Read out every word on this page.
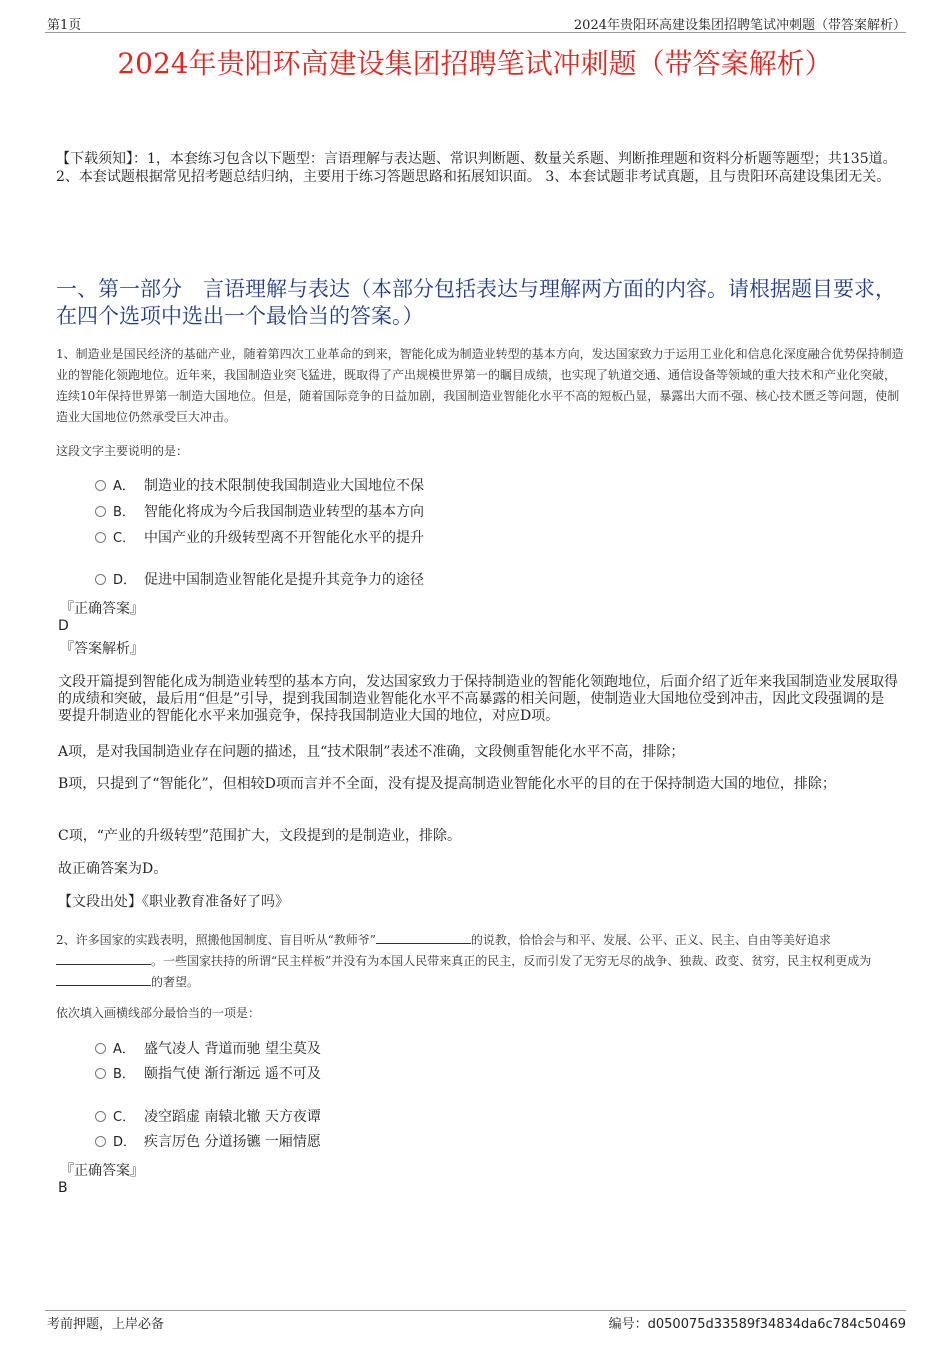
第1页	2024年贵阳环高建设集团招聘笔试冲刺题（带答案解析）
2024年贵阳环高建设集团招聘笔试冲刺题（带答案解析）
【下载须知】：1，本套练习包含以下题型：言语理解与表达题、常识判断题、数量关系题、判断推理题和资料分析题等题型；共135道。 2、本套试题根据常见招考题总结归纳，主要用于练习答题思路和拓展知识面。 3、本套试题非考试真题，且与贵阳环高建设集团无关。
一、第一部分　言语理解与表达（本部分包括表达与理解两方面的内容。请根据题目要求，在四个选项中选出一个最恰当的答案。）
1、制造业是国民经济的基础产业，随着第四次工业革命的到来，智能化成为制造业转型的基本方向，发达国家致力于运用工业化和信息化深度融合优势保持制造业的智能化领跑地位。近年来，我国制造业突飞猛进，既取得了产出规模世界第一的瞩目成绩，也实现了轨道交通、通信设备等领域的重大技术和产业化突破，连续10年保持世界第一制造大国地位。但是，随着国际竞争的日益加剧，我国制造业智能化水平不高的短板凸显，暴露出大而不强、核心技术匮乏等问题，使制造业大国地位仍然承受巨大冲击。
这段文字主要说明的是：
A． 制造业的技术限制使我国制造业大国地位不保
B． 智能化将成为今后我国制造业转型的基本方向
C． 中国产业的升级转型离不开智能化水平的提升
D． 促进中国制造业智能化是提升其竞争力的途径
『正确答案』
D
『答案解析』
文段开篇提到智能化成为制造业转型的基本方向，发达国家致力于保持制造业的智能化领跑地位，后面介绍了近年来我国制造业发展取得的成绩和突破，最后用“但是”引导，提到我国制造业智能化水平不高暴露的相关问题，使制造业大国地位受到冲击，因此文段强调的是要提升制造业的智能化水平来加强竞争，保持我国制造业大国的地位，对应D项。
A项，是对我国制造业存在问题的描述，且“技术限制”表述不准确，文段侧重智能化水平不高，排除；
B项，只提到了“智能化”，但相较D项而言并不全面，没有提及提高制造业智能化水平的目的在于保持制造大国的地位，排除；
C项，“产业的升级转型”范围扩大，文段提到的是制造业，排除。
故正确答案为D。
【文段出处】《职业教育准备好了吗》
2、许多国家的实践表明，照搬他国制度、盲目听从“教师爷”	的说教，恰恰会与和平、发展、公平、正义、民主、自由等美好追求。一些国家扶持的所谓“民主样板”并没有为本国人民带来真正的民主，反而引发了无穷无尽的战争、独裁、政变、贫穷，民主权利更成为的奢望。
依次填入画横线部分最恰当的一项是：
A． 盛气凌人 背道而驰 望尘莫及
B． 颐指气使 渐行渐远 遥不可及
C． 凌空蹈虚 南辕北辙 天方夜谭
D． 疾言厉色 分道扬镳 一厢情愿
『正确答案』
B
考前押题，上岸必备	编号：d050075d33589f34834da6c784c50469
